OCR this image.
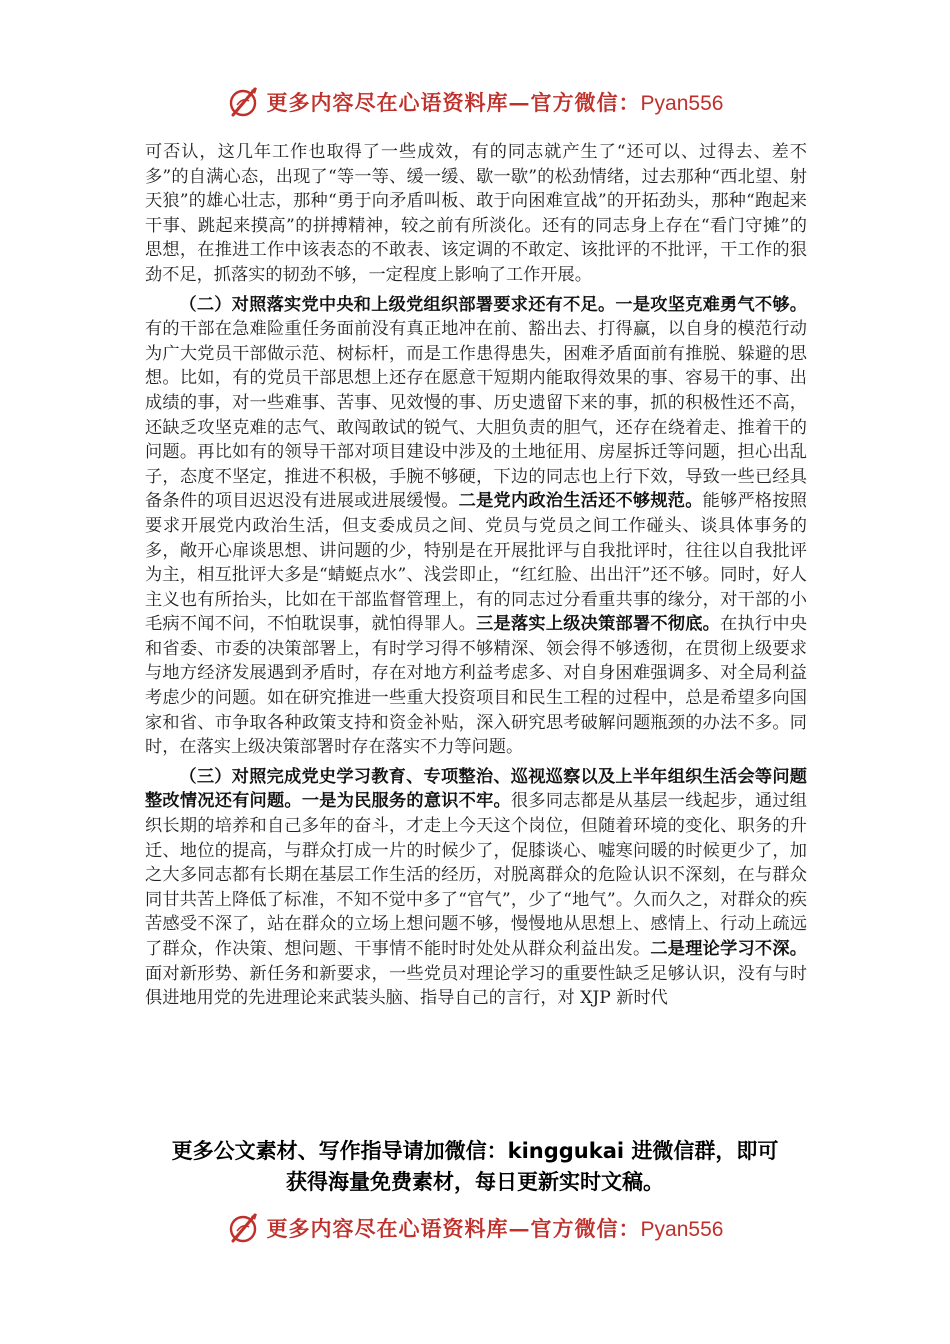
更多内容尽在心语资料库—官方微信：Pyan556

可否认，这几年工作也取得了一些成效，有的同志就产生了“还可以、过得去、差不多”的自满心态，出现了“等一等、缓一缓、歇一歇”的松劲情绪，过去那种“西北望、射天狼”的雄心壮志，那种“勇于向矛盾叫板、敢于向困难宣战”的开拓劲头，那种“跑起来干事、跳起来摸高”的拼搏精神，较之前有所淡化。还有的同志身上存在“看门守摊”的思想，在推进工作中该表态的不敢表、该定调的不敢定、该批评的不批评，干工作的狠劲不足，抓落实的韧劲不够，一定程度上影响了工作开展。

（二）对照落实党中央和上级党组织部署要求还有不足。一是攻坚克难勇气不够。有的干部在急难险重任务面前没有真正地冲在前、豁出去、打得赢，以自身的模范行动为广大党员干部做示范、树标杆，而是工作患得患失，困难矛盾面前有推脱、躲避的思想。比如，有的党员干部思想上还存在愿意干短期内能取得效果的事、容易干的事、出成绩的事，对一些难事、苦事、见效慢的事、历史遗留下来的事，抓的积极性还不高，还缺乏攻坚克难的志气、敢闯敢试的锐气、大胆负责的胆气，还存在绕着走、推着干的问题。再比如有的领导干部对项目建设中涉及的土地征用、房屋拆迁等问题，担心出乱子，态度不坚定，推进不积极，手腕不够硬，下边的同志也上行下效，导致一些已经具备条件的项目迟迟没有进展或进展缓慢。二是党内政治生活还不够规范。能够严格按照要求开展党内政治生活，但支委成员之间、党员与党员之间工作碰头、谈具体事务的多，敞开心扉谈思想、讲问题的少，特别是在开展批评与自我批评时，往往以自我批评为主，相互批评大多是“蜻蜓点水”、浅尝即止，“红红脸、出出汗”还不够。同时，好人主义也有所抬头，比如在干部监督管理上，有的同志过分看重共事的缘分，对干部的小毛病不闻不问，不怕耽误事，就怕得罪人。三是落实上级决策部署不彻底。在执行中央和省委、市委的决策部署上，有时学习得不够精深、领会得不够透彻，在贯彻上级要求与地方经济发展遇到矛盾时，存在对地方利益考虑多、对自身困难强调多、对全局利益考虑少的问题。如在研究推进一些重大投资项目和民生工程的过程中，总是希望多向国家和省、市争取各种政策支持和资金补贴，深入研究思考破解问题瓶颈的办法不多。同时，在落实上级决策部署时存在落实不力等问题。

（三）对照完成党史学习教育、专项整治、巡视巡察以及上半年组织生活会等问题整改情况还有问题。一是为民服务的意识不牢。很多同志都是从基层一线起步，通过组织长期的培养和自己多年的奋斗，才走上今天这个岗位，但随着环境的变化、职务的升迁、地位的提高，与群众打成一片的时候少了，促膝谈心、嘘寒问暖的时候更少了，加之大多同志都有长期在基层工作生活的经历，对脱离群众的危险认识不深刻，在与群众同甘共苦上降低了标准，不知不觉中多了“官气”，少了“地气”。久而久之，对群众的疾苦感受不深了，站在群众的立场上想问题不够，慢慢地从思想上、感情上、行动上疏远了群众，作决策、想问题、干事情不能时时处处从群众利益出发。二是理论学习不深。面对新形势、新任务和新要求，一些党员对理论学习的重要性缺乏足够认识，没有与时俱进地用党的先进理论来武装头脑、指导自己的言行，对 XJP 新时代

更多公文素材、写作指导请加微信：kinggukai 进微信群，即可
获得海量免费素材，每日更新实时文稿。
更多内容尽在心语资料库—官方微信：Pyan556
